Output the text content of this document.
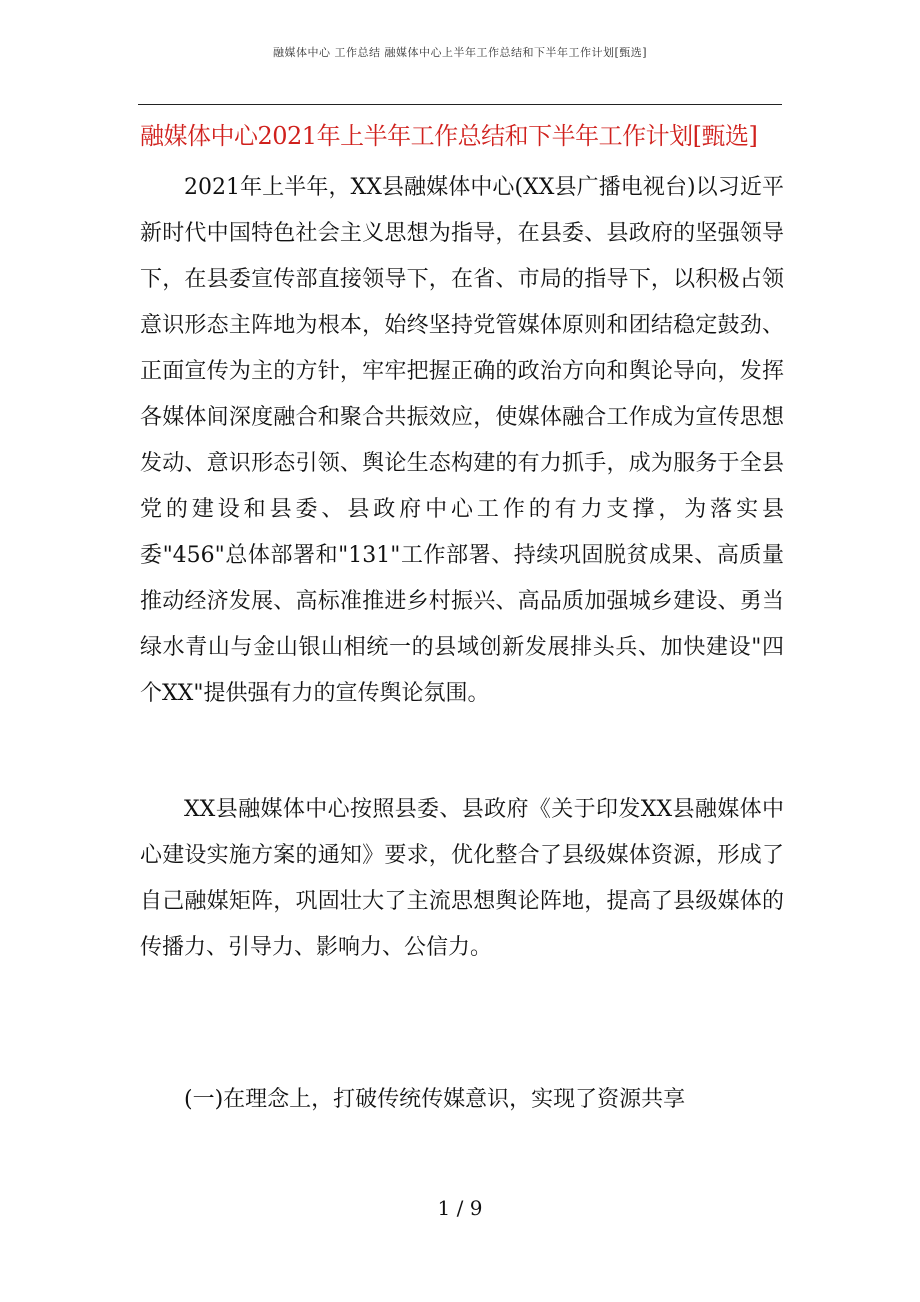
融媒体中心 工作总结 融媒体中心上半年工作总结和下半年工作计划[甄选]
融媒体中心2021年上半年工作总结和下半年工作计划[甄选]

2021年上半年，XX县融媒体中心(XX县广播电视台)以习近平新时代中国特色社会主义思想为指导，在县委、县政府的坚强领导下，在县委宣传部直接领导下，在省、市局的指导下，以积极占领意识形态主阵地为根本，始终坚持党管媒体原则和团结稳定鼓劲、正面宣传为主的方针，牢牢把握正确的政治方向和舆论导向，发挥各媒体间深度融合和聚合共振效应，使媒体融合工作成为宣传思想发动、意识形态引领、舆论生态构建的有力抓手，成为服务于全县党的建设和县委、县政府中心工作的有力支撑，为落实县委"456"总体部署和"131"工作部署、持续巩固脱贫成果、高质量推动经济发展、高标准推进乡村振兴、高品质加强城乡建设、勇当绿水青山与金山银山相统一的县域创新发展排头兵、加快建设"四个XX"提供强有力的宣传舆论氛围。

XX县融媒体中心按照县委、县政府《关于印发XX县融媒体中心建设实施方案的通知》要求，优化整合了县级媒体资源，形成了自己融媒矩阵，巩固壮大了主流思想舆论阵地，提高了县级媒体的传播力、引导力、影响力、公信力。

(一)在理念上，打破传统传媒意识，实现了资源共享

1 / 9
